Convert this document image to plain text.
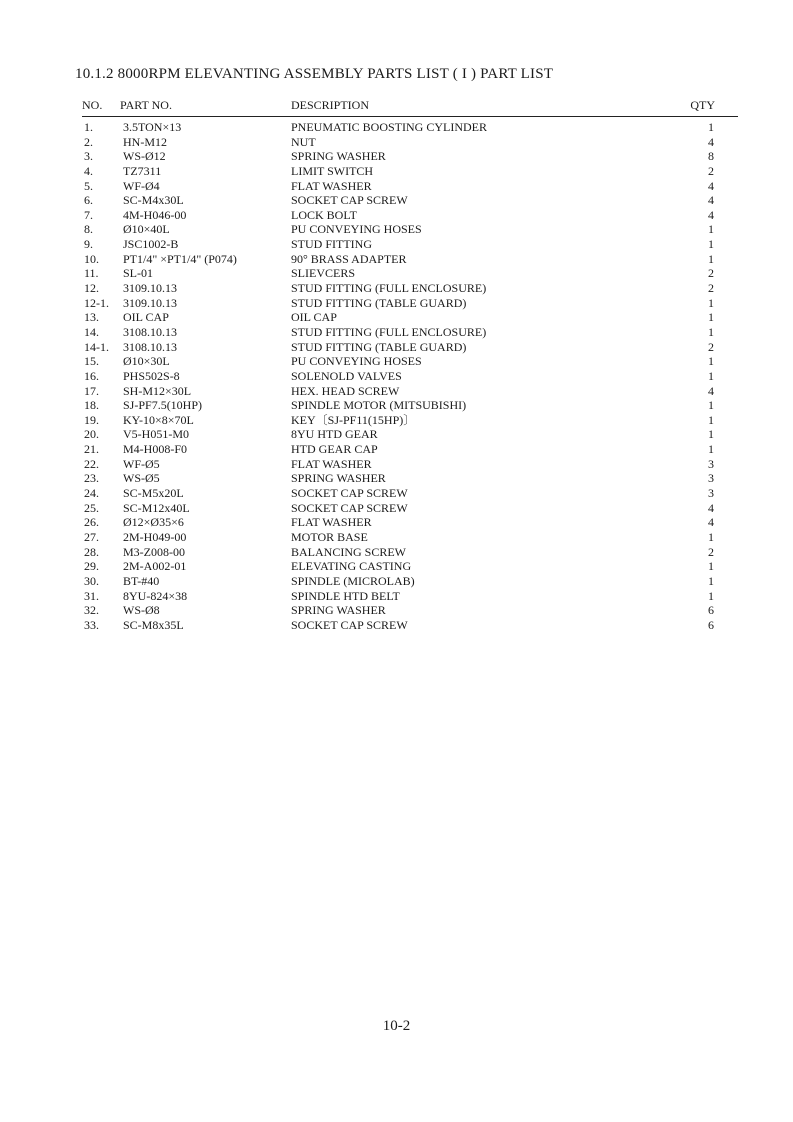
10.1.2 8000RPM ELEVANTING ASSEMBLY PARTS LIST ( I ) PART LIST
NO. PART NO.	DESCRIPTION	QTY
1.	3.5TON×13	PNEUMATIC BOOSTING CYLINDER	1
2.	HN-M12	NUT	4
3.	WS-Ø12	SPRING WASHER	8
4.	TZ7311	LIMIT SWITCH	2
5.	WF-Ø4	FLAT WASHER	4
6.	SC-M4x30L	SOCKET CAP SCREW	4
7.	4M-H046-00	LOCK BOLT	4
8.	Ø10×40L	PU CONVEYING HOSES	1
9.	JSC1002-B	STUD FITTING	1
10. PT1/4" ×PT1/4" (P074)	90° BRASS ADAPTER	1
11. SL-01	SLIEVCERS	2
12. 3109.10.13	STUD FITTING (FULL ENCLOSURE)	2
12-1. 3109.10.13	STUD FITTING (TABLE GUARD)	1
13. OIL CAP	OIL CAP	1
14. 3108.10.13	STUD FITTING (FULL ENCLOSURE)	1
14-1. 3108.10.13	STUD FITTING (TABLE GUARD)	2
15. Ø10×30L	PU CONVEYING HOSES	1
16. PHS502S-8	SOLENOLD VALVES	1
17. SH-M12×30L	HEX. HEAD SCREW	4
18. SJ-PF7.5(10HP)	SPINDLE MOTOR (MITSUBISHI)	1
19. KY-10×8×70L	KEY〔SJ-PF11(15HP)〕	1
20. V5-H051-M0	8YU HTD GEAR	1
21. M4-H008-F0	HTD GEAR CAP	1
22. WF-Ø5	FLAT WASHER	3
23. WS-Ø5	SPRING WASHER	3
24. SC-M5x20L	SOCKET CAP SCREW	3
25. SC-M12x40L	SOCKET CAP SCREW	4
26. Ø12×Ø35×6	FLAT WASHER	4
27. 2M-H049-00	MOTOR BASE	1
28. M3-Z008-00	BALANCING SCREW	2
29. 2M-A002-01	ELEVATING CASTING	1
30. BT-#40	SPINDLE (MICROLAB)	1
31. 8YU-824×38	SPINDLE HTD BELT	1
32. WS-Ø8	SPRING WASHER	6
33. SC-M8x35L	SOCKET CAP SCREW	6
10-2
